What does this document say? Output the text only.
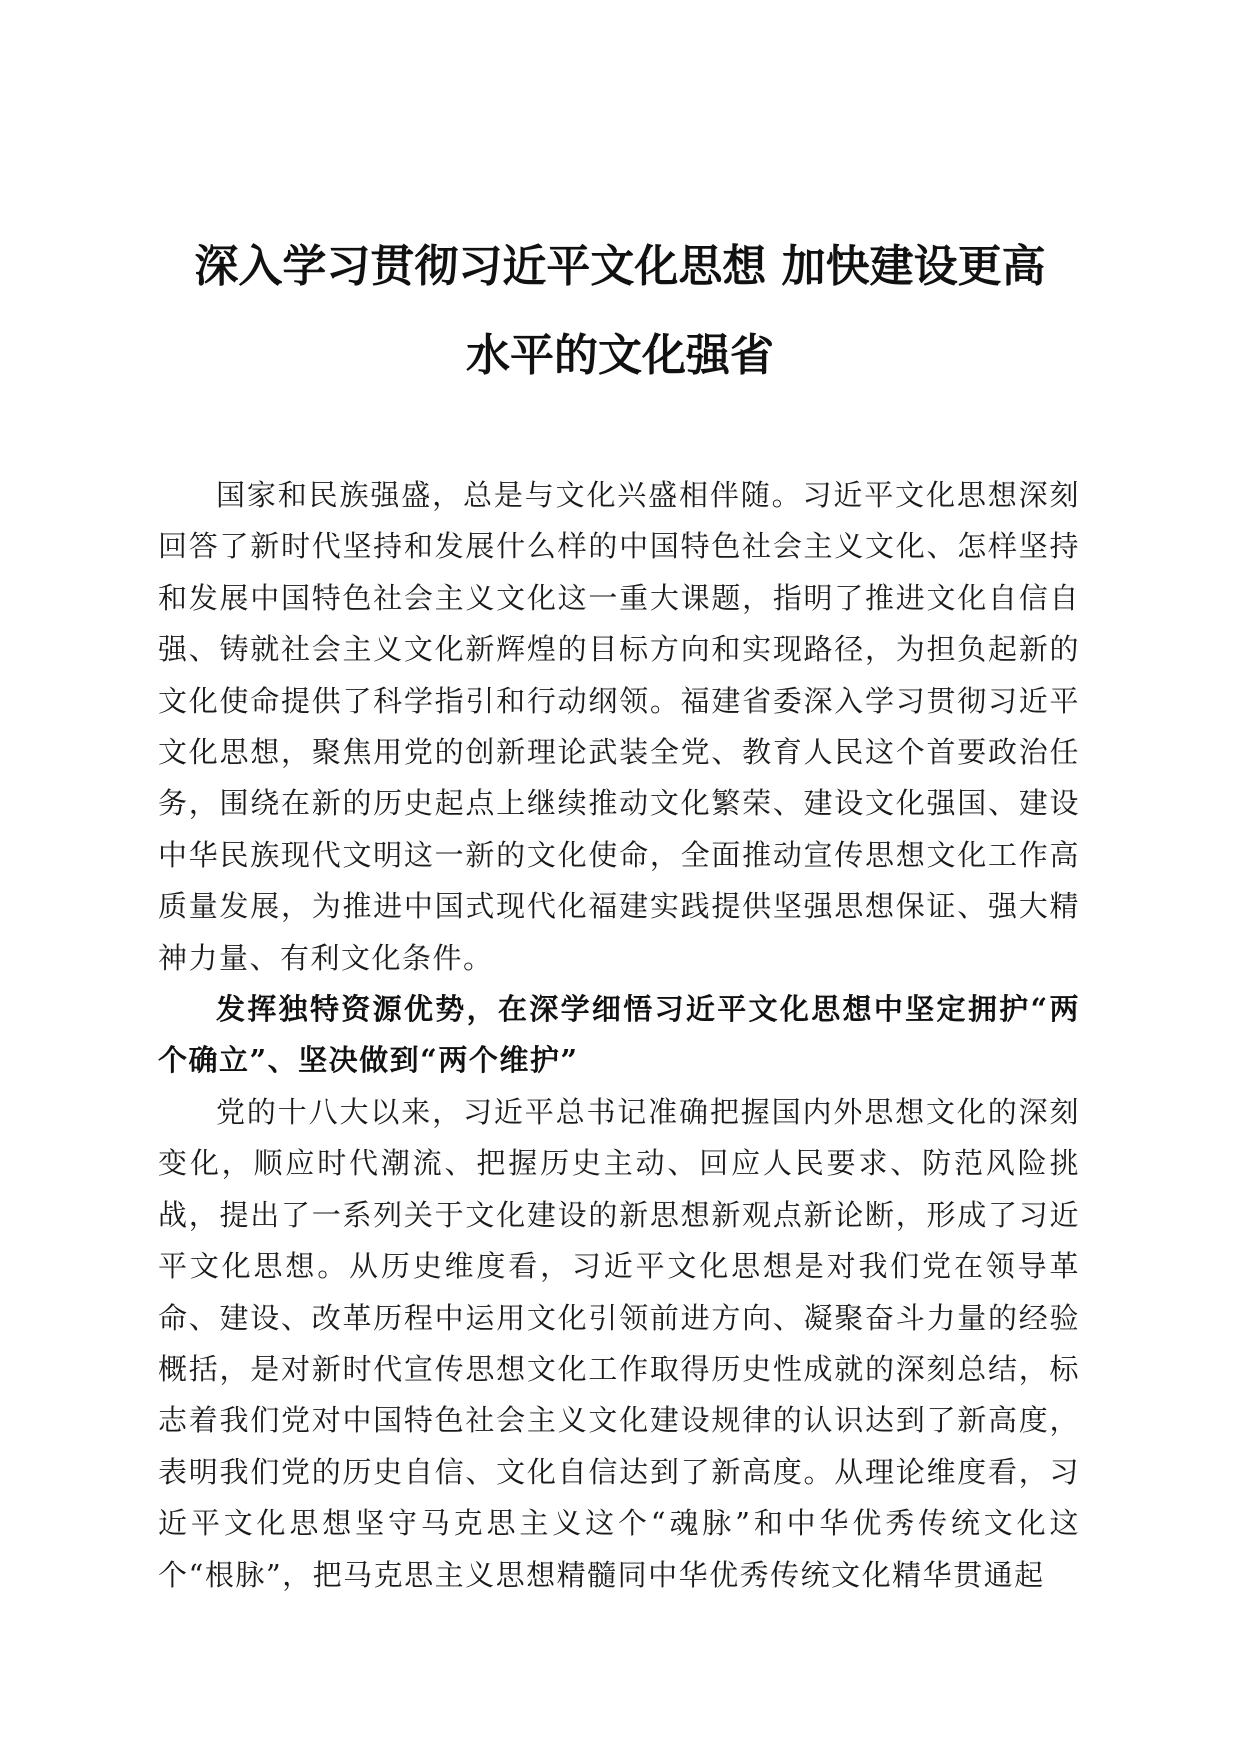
深入学习贯彻习近平文化思想 加快建设更高
水平的文化强省

国家和民族强盛，总是与文化兴盛相伴随。习近平文化思想深刻回答了新时代坚持和发展什么样的中国特色社会主义文化、怎样坚持和发展中国特色社会主义文化这一重大课题，指明了推进文化自信自强、铸就社会主义文化新辉煌的目标方向和实现路径，为担负起新的文化使命提供了科学指引和行动纲领。福建省委深入学习贯彻习近平文化思想，聚焦用党的创新理论武装全党、教育人民这个首要政治任务，围绕在新的历史起点上继续推动文化繁荣、建设文化强国、建设中华民族现代文明这一新的文化使命，全面推动宣传思想文化工作高质量发展，为推进中国式现代化福建实践提供坚强思想保证、强大精神力量、有利文化条件。

发挥独特资源优势，在深学细悟习近平文化思想中坚定拥护“两个确立”、坚决做到“两个维护”

党的十八大以来，习近平总书记准确把握国内外思想文化的深刻变化，顺应时代潮流、把握历史主动、回应人民要求、防范风险挑战，提出了一系列关于文化建设的新思想新观点新论断，形成了习近平文化思想。从历史维度看，习近平文化思想是对我们党在领导革命、建设、改革历程中运用文化引领前进方向、凝聚奋斗力量的经验概括，是对新时代宣传思想文化工作取得历史性成就的深刻总结，标志着我们党对中国特色社会主义文化建设规律的认识达到了新高度，表明我们党的历史自信、文化自信达到了新高度。从理论维度看，习近平文化思想坚守马克思主义这个“魂脉”和中华优秀传统文化这个“根脉”，把马克思主义思想精髓同中华优秀传统文化精华贯通起
